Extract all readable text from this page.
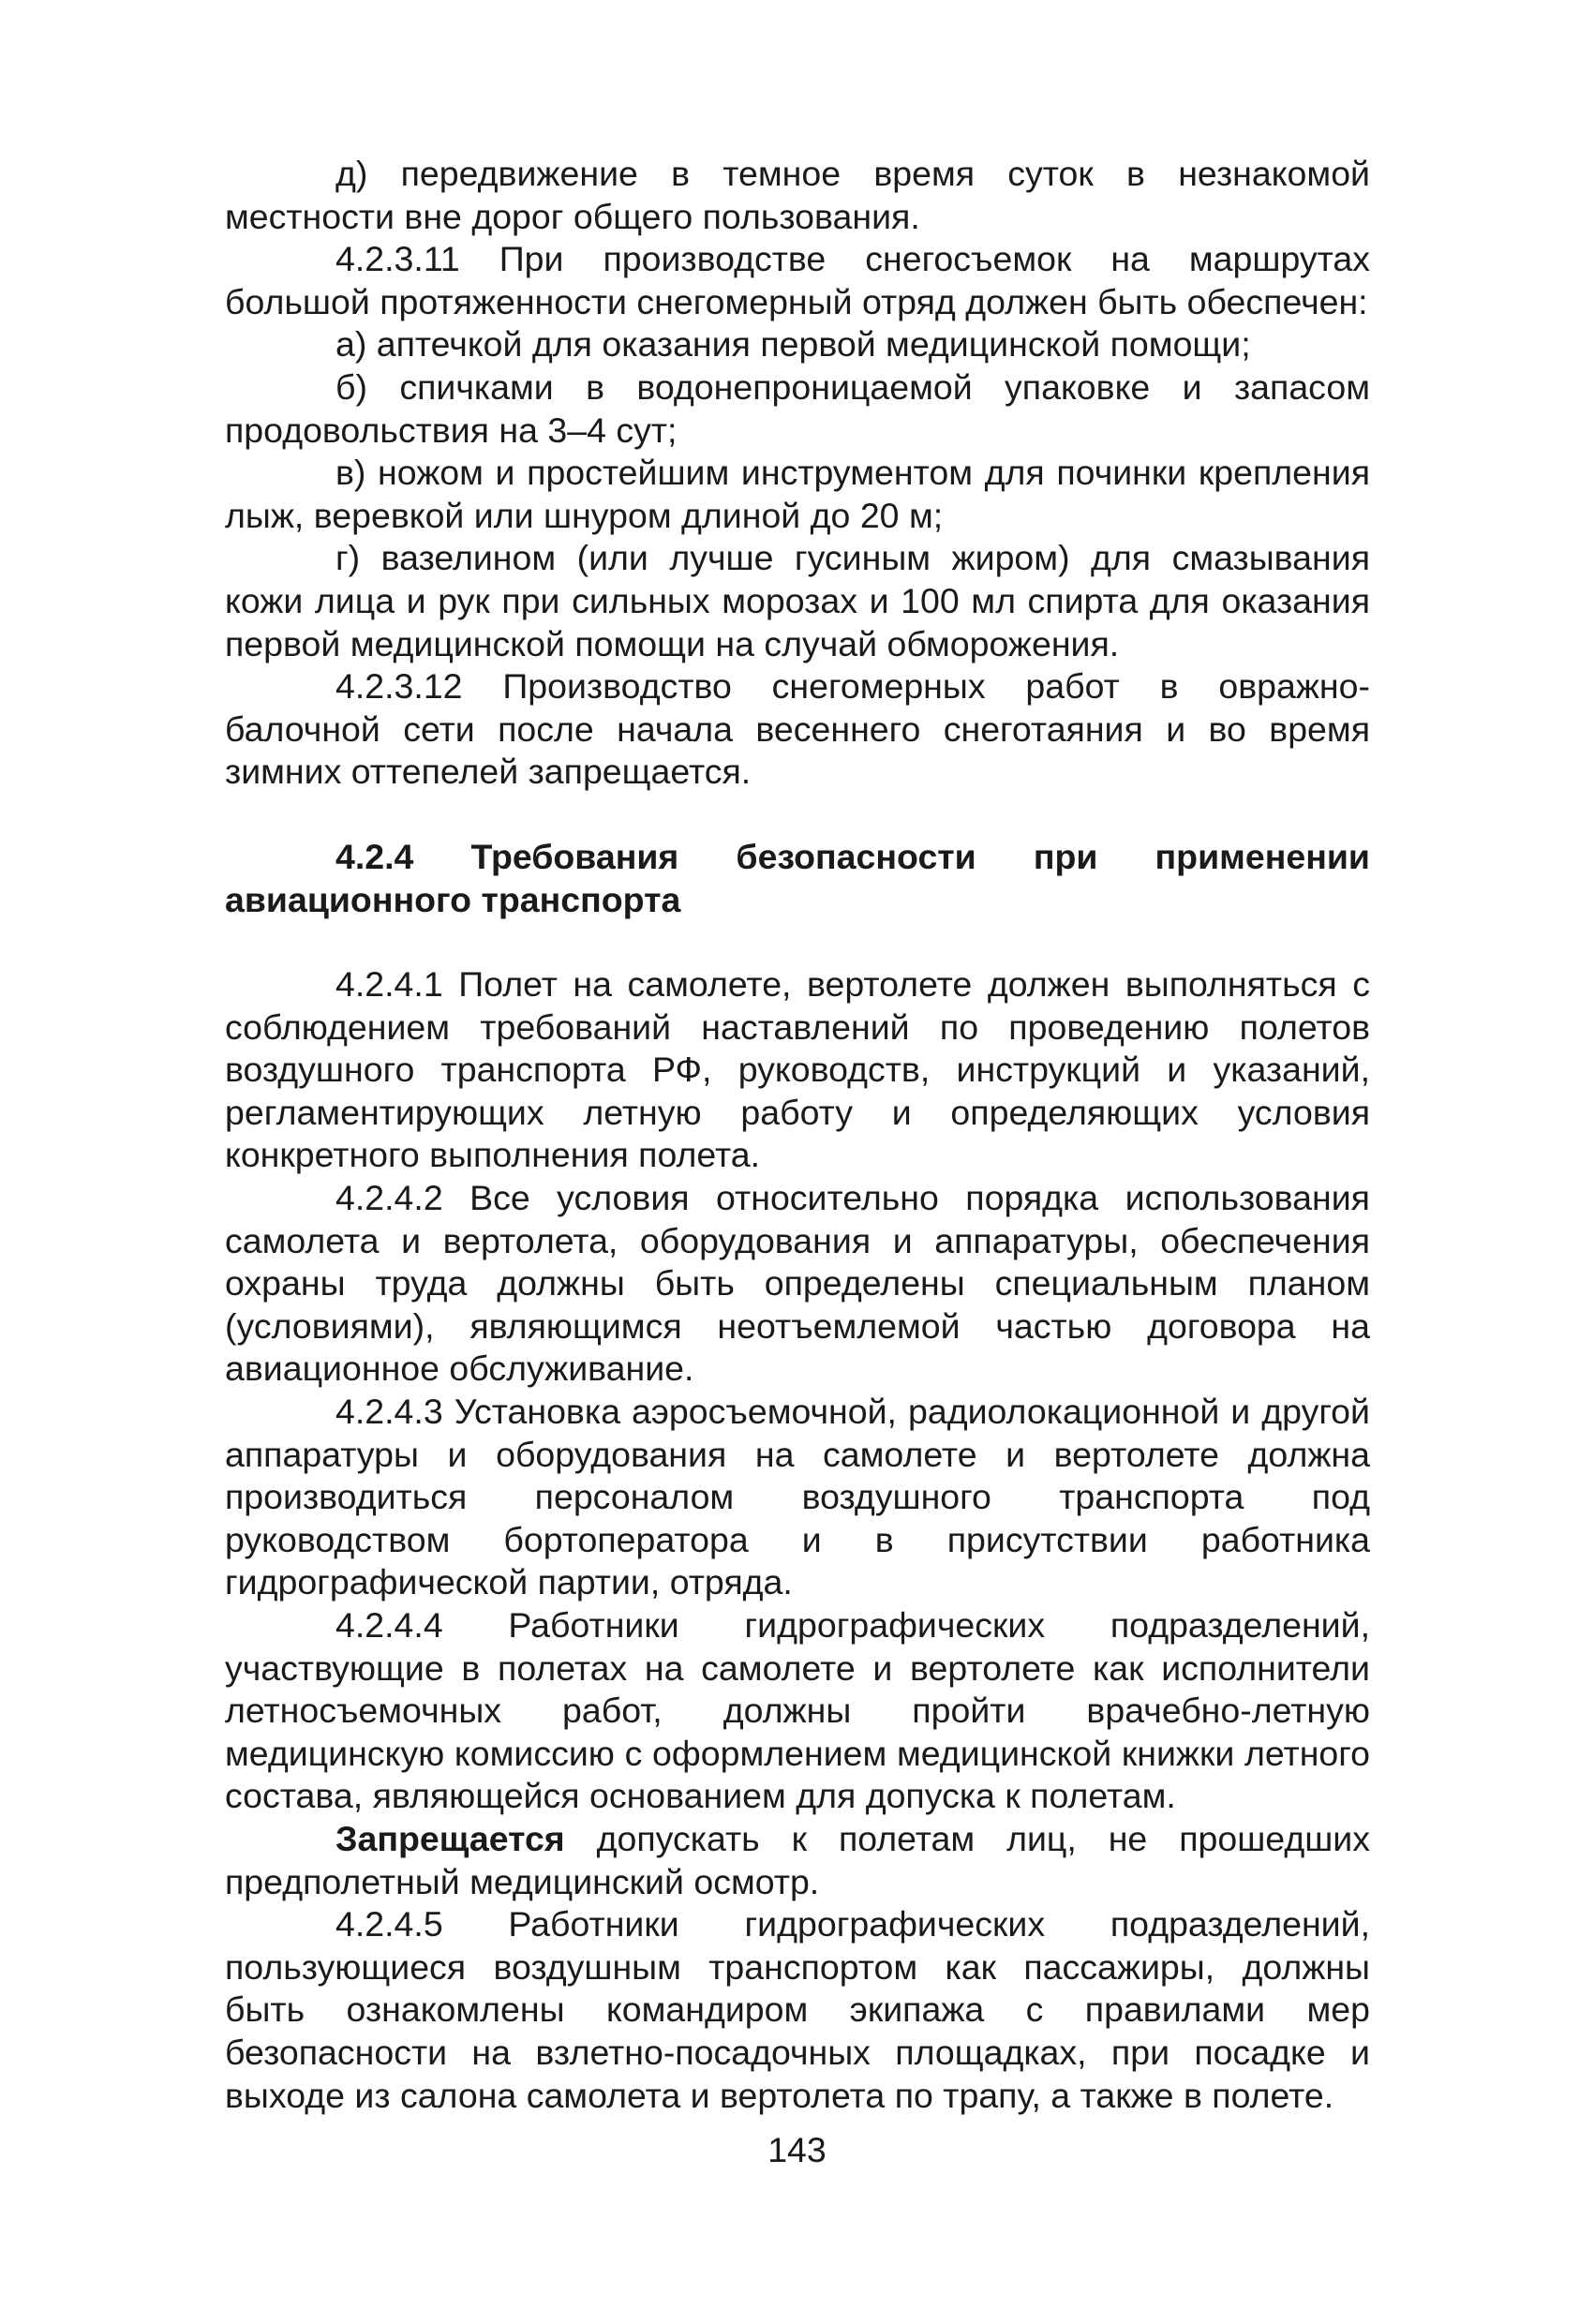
д) передвижение в темное время суток в незнакомой местности вне дорог общего пользования.

4.2.3.11 При производстве снегосъемок на маршрутах большой протяженности снегомерный отряд должен быть обеспечен:

а) аптечкой для оказания первой медицинской помощи;

б) спичками в водонепроницаемой упаковке и запасом продовольствия на 3–4 сут;

в) ножом и простейшим инструментом для починки крепления лыж, веревкой или шнуром длиной до 20 м;

г) вазелином (или лучше гусиным жиром) для смазывания кожи лица и рук при сильных морозах и 100 мл спирта для оказания первой медицинской помощи на случай обморожения.

4.2.3.12 Производство снегомерных работ в овражно-балочной сети после начала весеннего снеготаяния и во время зимних оттепелей запрещается.

4.2.4 Требования безопасности при применении авиационного транспорта

4.2.4.1 Полет на самолете, вертолете должен выполняться с соблюдением требований наставлений по проведению полетов воздушного транспорта РФ, руководств, инструкций и указаний, регламентирующих летную работу и определяющих условия конкретного выполнения полета.

4.2.4.2 Все условия относительно порядка использования самолета и вертолета, оборудования и аппаратуры, обеспечения охраны труда должны быть определены специальным планом (условиями), являющимся неотъемлемой частью договора на авиационное обслуживание.

4.2.4.3 Установка аэросъемочной, радиолокационной и другой аппаратуры и оборудования на самолете и вертолете должна производиться персоналом воздушного транспорта под руководством бортоператора и в присутствии работника гидрографической партии, отряда.

4.2.4.4 Работники гидрографических подразделений, участвующие в полетах на самолете и вертолете как исполнители летносъемочных работ, должны пройти врачебно-летную медицинскую комиссию с оформлением медицинской книжки летного состава, являющейся основанием для допуска к полетам.

Запрещается допускать к полетам лиц, не прошедших предполетный медицинский осмотр.

4.2.4.5 Работники гидрографических подразделений, пользующиеся воздушным транспортом как пассажиры, должны быть ознакомлены командиром экипажа с правилами мер безопасности на взлетно-посадочных площадках, при посадке и выходе из салона самолета и вертолета по трапу, а также в полете.

143
